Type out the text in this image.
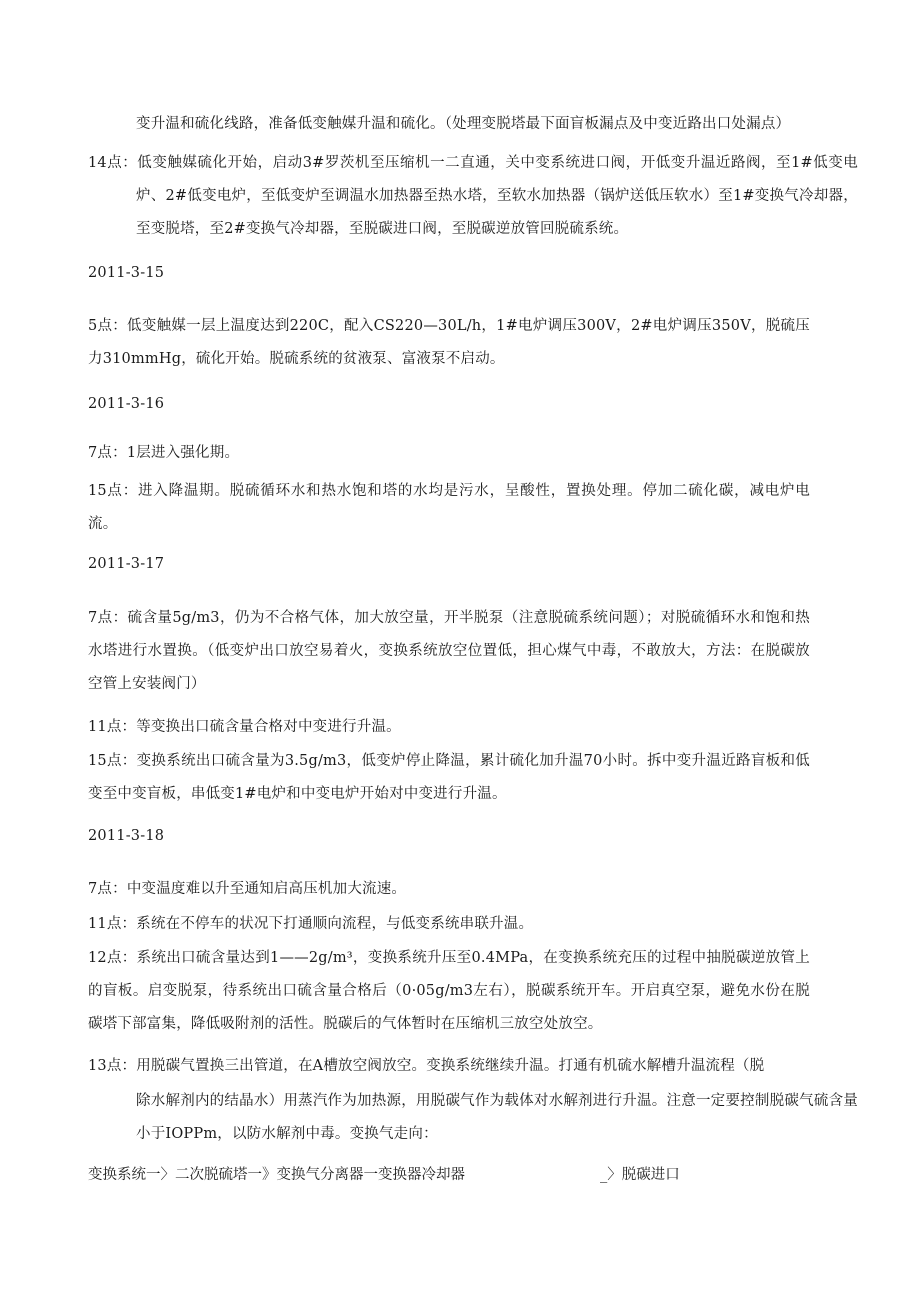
变升温和硫化线路，准备低变触媒升温和硫化。（处理变脱塔最下面盲板漏点及中变近路出口处漏点）

14点：低变触媒硫化开始，启动3#罗茨机至压缩机一二直通，关中变系统进口阀，开低变升温近路阀，至1#低变电炉、2#低变电炉，至低变炉至调温水加热器至热水塔，至软水加热器（锅炉送低压软水）至1#变换气冷却器，至变脱塔，至2#变换气冷却器，至脱碳进口阀，至脱碳逆放管回脱硫系统。

2011-3-15

5点：低变触媒一层上温度达到220C，配入CS220—30L/h，1#电炉调压300V，2#电炉调压350V，脱硫压力310mmHg，硫化开始。脱硫系统的贫液泵、富液泵不启动。

2011-3-16

7点：1层进入强化期。

15点：进入降温期。脱硫循环水和热水饱和塔的水均是污水，呈酸性，置换处理。停加二硫化碳，减电炉电流。

2011-3-17

7点：硫含量5g/m3，仍为不合格气体，加大放空量，开半脱泵（注意脱硫系统问题）；对脱硫循环水和饱和热水塔进行水置换。（低变炉出口放空易着火，变换系统放空位置低，担心煤气中毒，不敢放大，方法：在脱碳放空管上安装阀门）

11点：等变换出口硫含量合格对中变进行升温。

15点：变换系统出口硫含量为3.5g/m3，低变炉停止降温，累计硫化加升温70小时。拆中变升温近路盲板和低变至中变盲板，串低变1#电炉和中变电炉开始对中变进行升温。

2011-3-18

7点：中变温度难以升至通知启高压机加大流速。

11点：系统在不停车的状况下打通顺向流程，与低变系统串联升温。

12点：系统出口硫含量达到1——2g/m³，变换系统升压至0.4MPa，在变换系统充压的过程中抽脱碳逆放管上的盲板。启变脱泵，待系统出口硫含量合格后（0·05g/m3左右），脱碳系统开车。开启真空泵，避免水份在脱碳塔下部富集，降低吸附剂的活性。脱碳后的气体暂时在压缩机三放空处放空。

13点：用脱碳气置换三出管道，在A槽放空阀放空。变换系统继续升温。打通有机硫水解槽升温流程（脱

除水解剂内的结晶水）用蒸汽作为加热源，用脱碳气作为载体对水解剂进行升温。注意一定要控制脱碳气硫含量小于IOPPm，以防水解剂中毒。变换气走向：

变换系统一〉二次脱硫塔一》变换气分离器一变换器冷却器	_〉脱碳进口
